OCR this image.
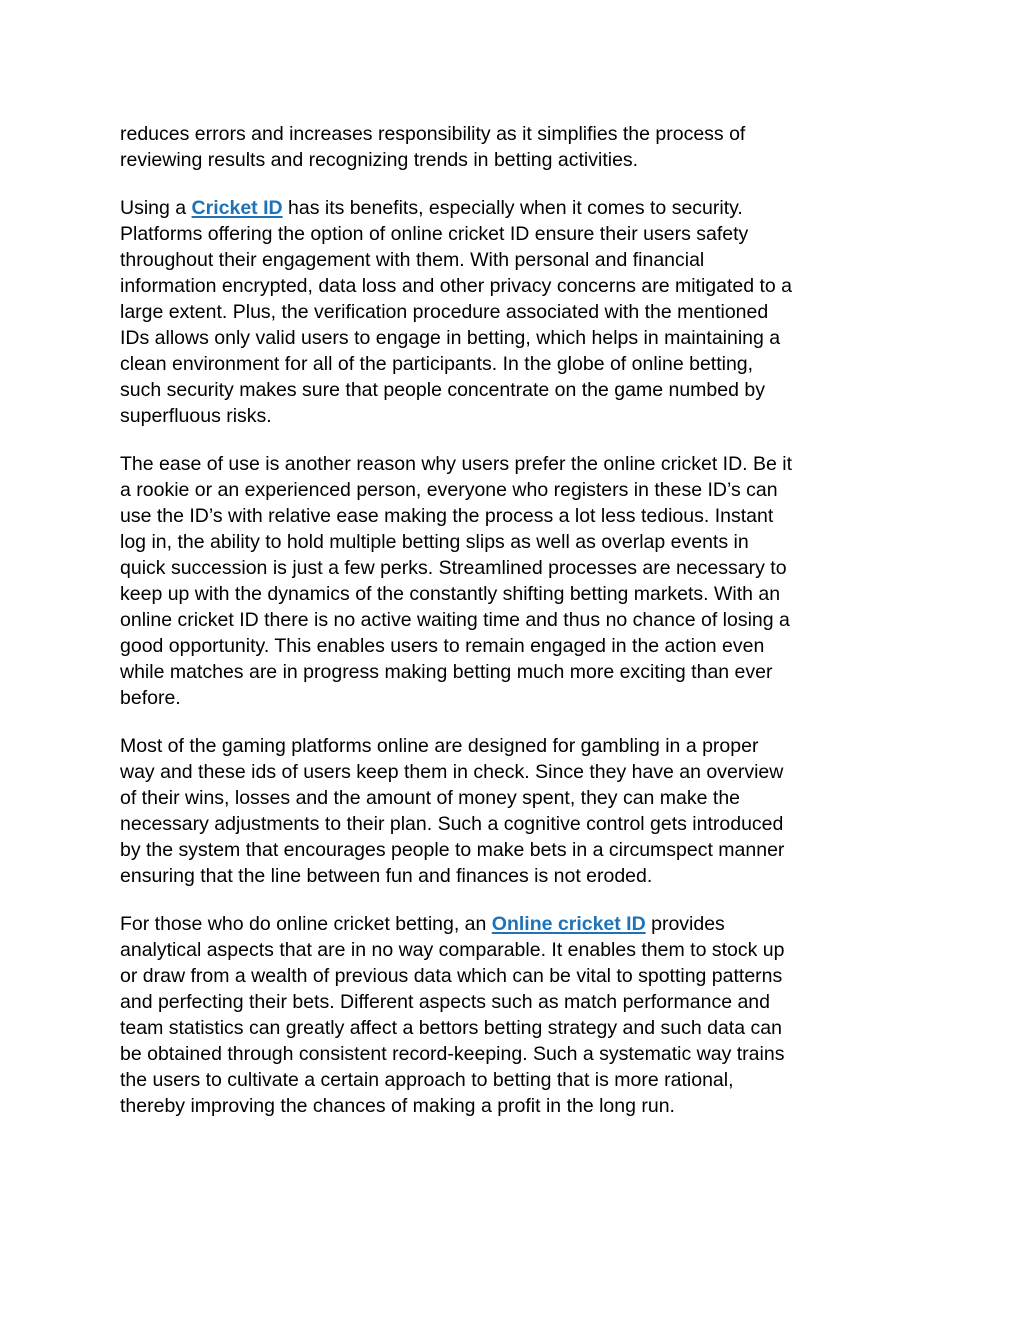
reduces errors and increases responsibility as it simplifies the process of
reviewing results and recognizing trends in betting activities.
Using a Cricket ID has its benefits, especially when it comes to security.
Platforms offering the option of online cricket ID ensure their users safety
throughout their engagement with them. With personal and financial
information encrypted, data loss and other privacy concerns are mitigated to a
large extent. Plus, the verification procedure associated with the mentioned
IDs allows only valid users to engage in betting, which helps in maintaining a
clean environment for all of the participants. In the globe of online betting,
such security makes sure that people concentrate on the game numbed by
superfluous risks.
The ease of use is another reason why users prefer the online cricket ID. Be it
a rookie or an experienced person, everyone who registers in these ID’s can
use the ID’s with relative ease making the process a lot less tedious. Instant
log in, the ability to hold multiple betting slips as well as overlap events in
quick succession is just a few perks. Streamlined processes are necessary to
keep up with the dynamics of the constantly shifting betting markets. With an
online cricket ID there is no active waiting time and thus no chance of losing a
good opportunity. This enables users to remain engaged in the action even
while matches are in progress making betting much more exciting than ever
before.
Most of the gaming platforms online are designed for gambling in a proper
way and these ids of users keep them in check. Since they have an overview
of their wins, losses and the amount of money spent, they can make the
necessary adjustments to their plan. Such a cognitive control gets introduced
by the system that encourages people to make bets in a circumspect manner
ensuring that the line between fun and finances is not eroded.
For those who do online cricket betting, an Online cricket ID provides
analytical aspects that are in no way comparable. It enables them to stock up
or draw from a wealth of previous data which can be vital to spotting patterns
and perfecting their bets. Different aspects such as match performance and
team statistics can greatly affect a bettors betting strategy and such data can
be obtained through consistent record-keeping. Such a systematic way trains
the users to cultivate a certain approach to betting that is more rational,
thereby improving the chances of making a profit in the long run.
